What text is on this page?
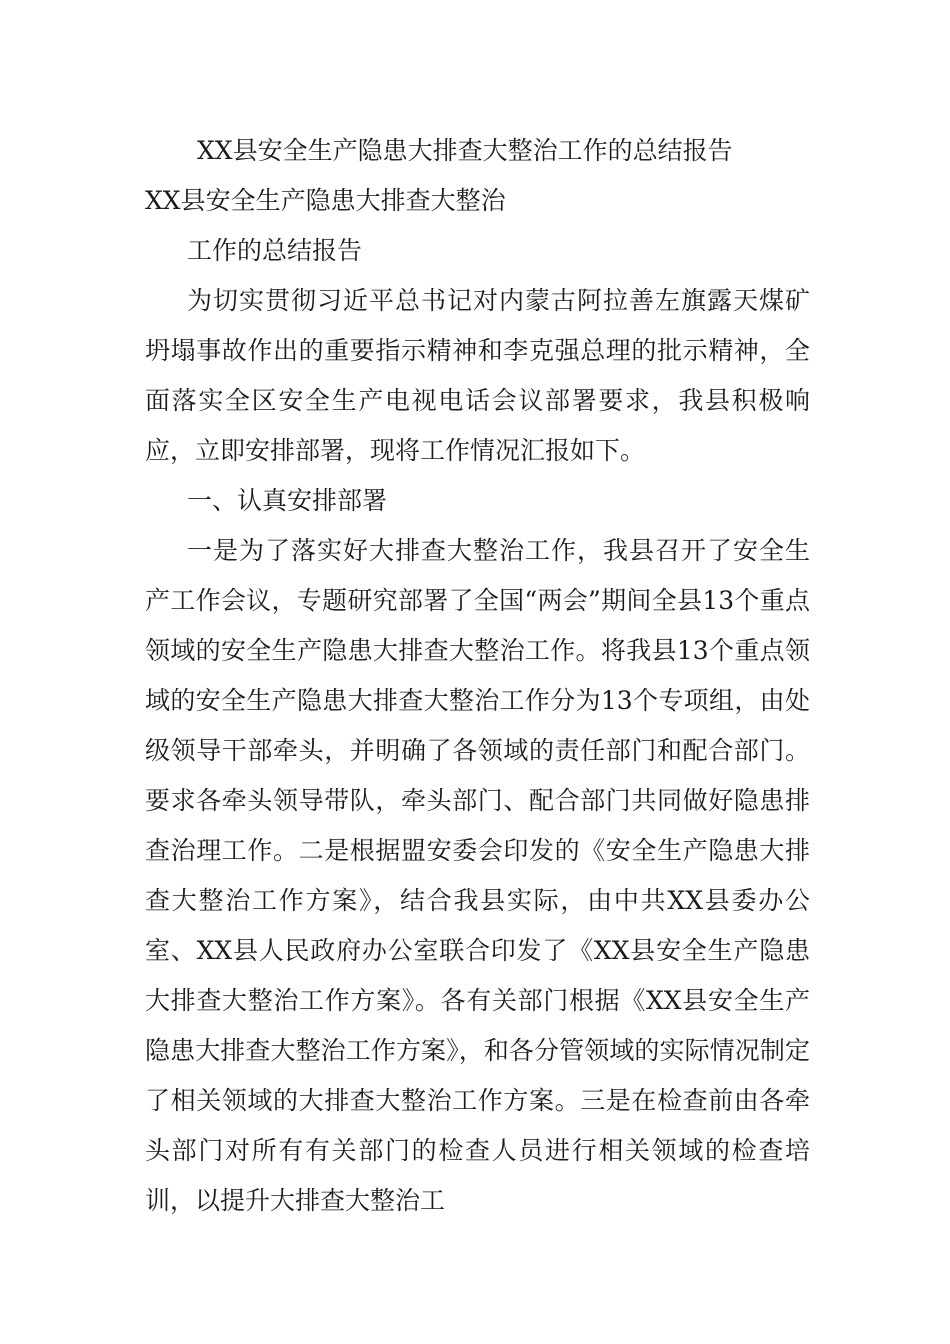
XX县安全生产隐患大排查大整治工作的总结报告

XX县安全生产隐患大排查大整治

工作的总结报告

为切实贯彻习近平总书记对内蒙古阿拉善左旗露天煤矿坍塌事故作出的重要指示精神和李克强总理的批示精神，全面落实全区安全生产电视电话会议部署要求，我县积极响应，立即安排部署，现将工作情况汇报如下。

一、认真安排部署

一是为了落实好大排查大整治工作，我县召开了安全生产工作会议，专题研究部署了全国“两会”期间全县13个重点领域的安全生产隐患大排查大整治工作。将我县13个重点领域的安全生产隐患大排查大整治工作分为13个专项组，由处级领导干部牵头，并明确了各领域的责任部门和配合部门。要求各牵头领导带队，牵头部门、配合部门共同做好隐患排查治理工作。二是根据盟安委会印发的《安全生产隐患大排查大整治工作方案》，结合我县实际，由中共XX县委办公室、XX县人民政府办公室联合印发了《XX县安全生产隐患大排查大整治工作方案》。各有关部门根据《XX县安全生产隐患大排查大整治工作方案》，和各分管领域的实际情况制定了相关领域的大排查大整治工作方案。三是在检查前由各牵头部门对所有有关部门的检查人员进行相关领域的检查培训，以提升大排查大整治工
